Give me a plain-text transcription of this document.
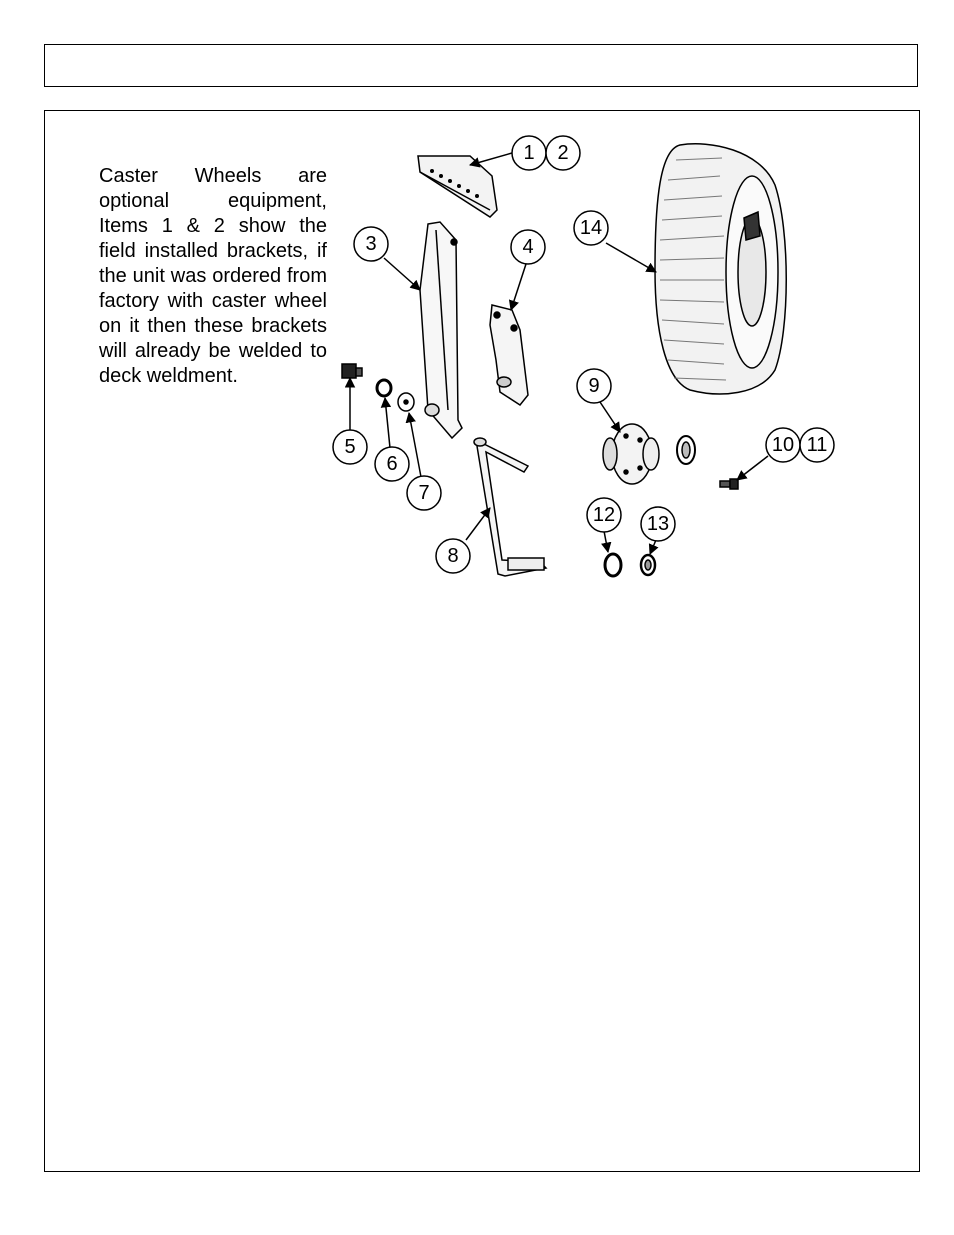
Caster Wheels are optional equipment, Items 1 & 2 show the field installed brackets, if the unit was ordered from factory with caster wheel on it then these brackets will already be welded to deck weldment.
1 2
3	4
5
6
7
8
9
10 11
12 13
14
